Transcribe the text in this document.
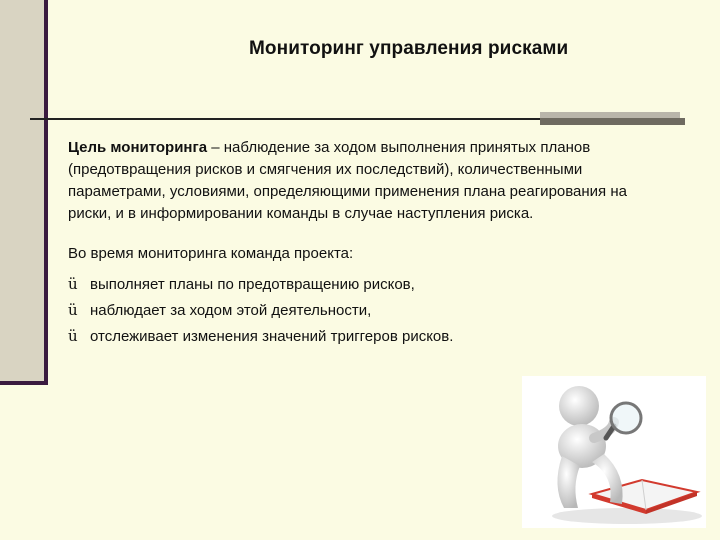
Мониторинг управления рисками

Цель мониторинга – наблюдение за ходом выполнения принятых планов (предотвращения рисков и смягчения их последствий), количественными параметрами, условиями, определяющими применения плана реагирования на риски, и в информировании команды в случае наступления риска.

Во время мониторинга команда проекта:

ü выполняет планы по предотвращению рисков,
ü наблюдает за ходом этой деятельности,
ü отслеживает изменения значений триггеров рисков.
